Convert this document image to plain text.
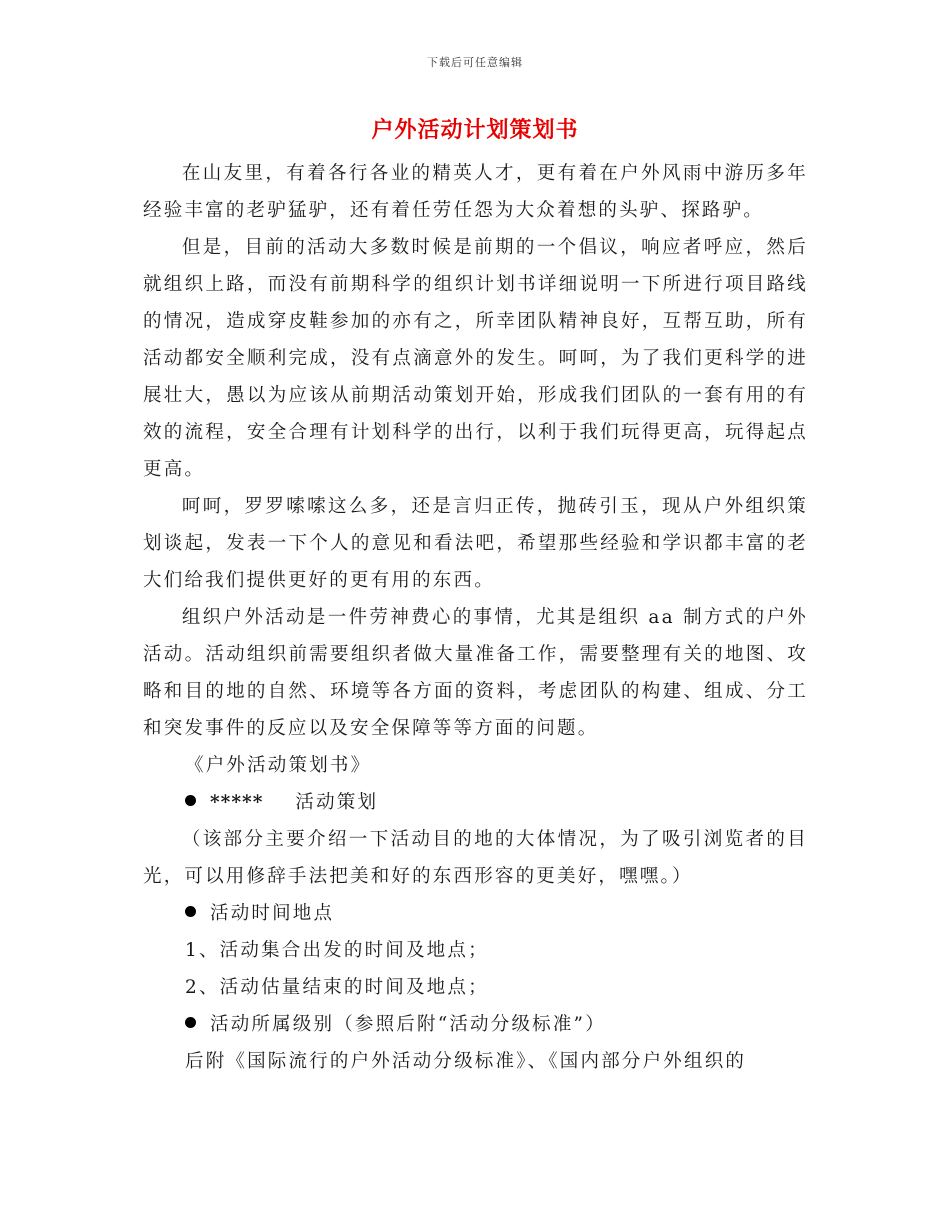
下载后可任意编辑
户外活动计划策划书

在山友里，有着各行各业的精英人才，更有着在户外风雨中游历多年经验丰富的老驴猛驴，还有着任劳任怨为大众着想的头驴、探路驴。

但是，目前的活动大多数时候是前期的一个倡议，响应者呼应，然后就组织上路，而没有前期科学的组织计划书详细说明一下所进行项目路线的情况，造成穿皮鞋参加的亦有之，所幸团队精神良好，互帮互助，所有活动都安全顺利完成，没有点滴意外的发生。呵呵，为了我们更科学的进展壮大，愚以为应该从前期活动策划开始，形成我们团队的一套有用的有效的流程，安全合理有计划科学的出行，以利于我们玩得更高，玩得起点更高。

呵呵，罗罗嗦嗦这么多，还是言归正传，抛砖引玉，现从户外组织策划谈起，发表一下个人的意见和看法吧，希望那些经验和学识都丰富的老大们给我们提供更好的更有用的东西。

组织户外活动是一件劳神费心的事情，尤其是组织 aa 制方式的户外活动。活动组织前需要组织者做大量准备工作，需要整理有关的地图、攻略和目的地的自然、环境等各方面的资料，考虑团队的构建、组成、分工和突发事件的反应以及安全保障等等方面的问题。

《户外活动策划书》

***** 活动策划

（该部分主要介绍一下活动目的地的大体情况，为了吸引浏览者的目光，可以用修辞手法把美和好的东西形容的更美好，嘿嘿。）

活动时间地点

1、活动集合出发的时间及地点；

2、活动估量结束的时间及地点；

活动所属级别（参照后附“活动分级标准”）

后附《国际流行的户外活动分级标准》、《国内部分户外组织的
